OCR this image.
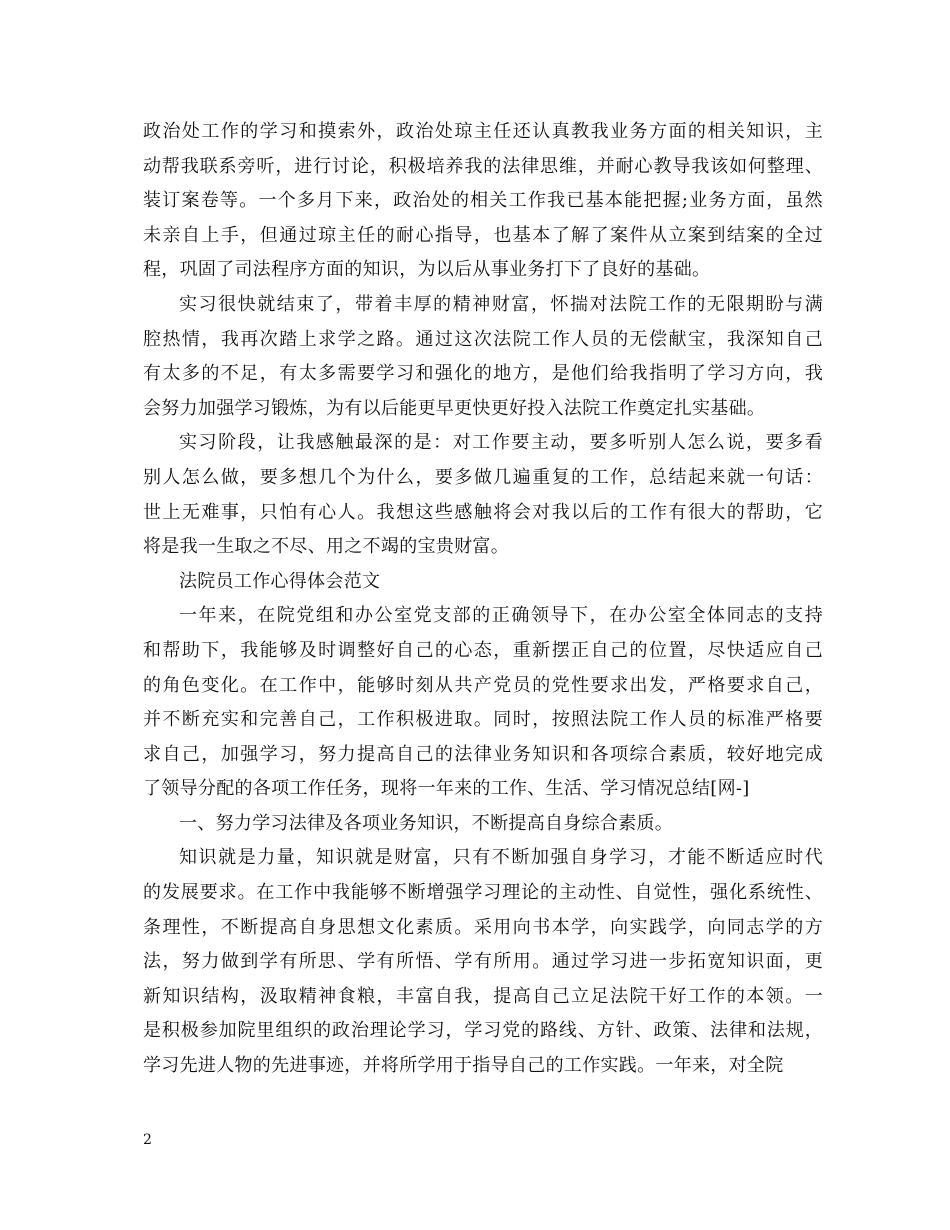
政治处工作的学习和摸索外，政治处琼主任还认真教我业务方面的相关知识，主
动帮我联系旁听，进行讨论，积极培养我的法律思维，并耐心教导我该如何整理、
装订案卷等。一个多月下来，政治处的相关工作我已基本能把握;业务方面，虽然
未亲自上手，但通过琼主任的耐心指导，也基本了解了案件从立案到结案的全过
程，巩固了司法程序方面的知识，为以后从事业务打下了良好的基础。
实习很快就结束了，带着丰厚的精神财富，怀揣对法院工作的无限期盼与满
腔热情，我再次踏上求学之路。通过这次法院工作人员的无偿献宝，我深知自己
有太多的不足，有太多需要学习和强化的地方，是他们给我指明了学习方向，我
会努力加强学习锻炼，为有以后能更早更快更好投入法院工作奠定扎实基础。
实习阶段，让我感触最深的是：对工作要主动，要多听别人怎么说，要多看
别人怎么做，要多想几个为什么，要多做几遍重复的工作，总结起来就一句话：
世上无难事，只怕有心人。我想这些感触将会对我以后的工作有很大的帮助，它
将是我一生取之不尽、用之不竭的宝贵财富。
法院员工作心得体会范文
一年来，在院党组和办公室党支部的正确领导下，在办公室全体同志的支持
和帮助下，我能够及时调整好自己的心态，重新摆正自己的位置，尽快适应自己
的角色变化。在工作中，能够时刻从共产党员的党性要求出发，严格要求自己，
并不断充实和完善自己，工作积极进取。同时，按照法院工作人员的标准严格要
求自己，加强学习，努力提高自己的法律业务知识和各项综合素质，较好地完成
了领导分配的各项工作任务，现将一年来的工作、生活、学习情况总结[网-]
一、努力学习法律及各项业务知识，不断提高自身综合素质。
知识就是力量，知识就是财富，只有不断加强自身学习，才能不断适应时代
的发展要求。在工作中我能够不断增强学习理论的主动性、自觉性，强化系统性、
条理性，不断提高自身思想文化素质。采用向书本学，向实践学，向同志学的方
法，努力做到学有所思、学有所悟、学有所用。通过学习进一步拓宽知识面，更
新知识结构，汲取精神食粮，丰富自我，提高自己立足法院干好工作的本领。一
是积极参加院里组织的政治理论学习，学习党的路线、方针、政策、法律和法规，
学习先进人物的先进事迹，并将所学用于指导自己的工作实践。一年来，对全院
2
